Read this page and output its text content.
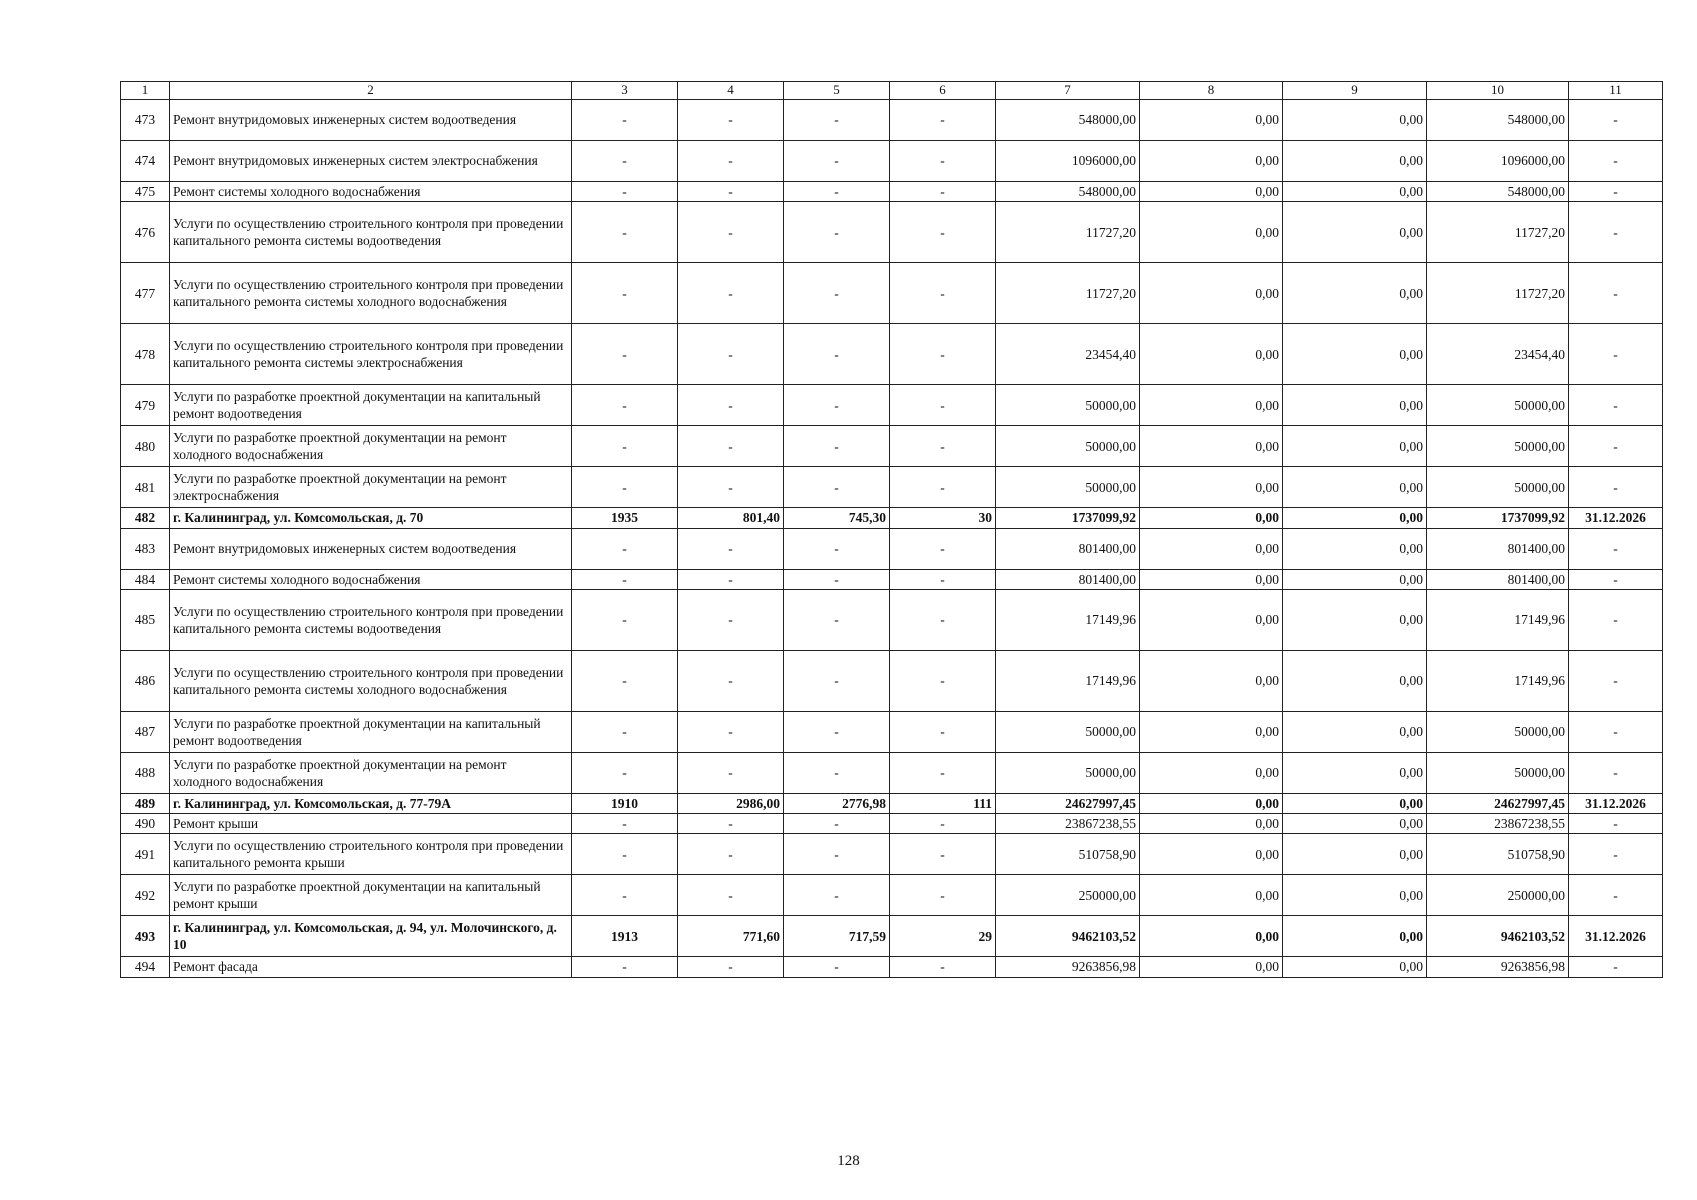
1	2	3	4	5	6	7	8	9	10	11
473	Ремонт внутридомовых инженерных систем водоотведения	-	-	-	-	548000,00	0,00	0,00	548000,00	-
474	Ремонт внутридомовых инженерных систем электроснабжения	-	-	-	-	1096000,00	0,00	0,00	1096000,00	-
475	Ремонт системы холодного водоснабжения	-	-	-	-	548000,00	0,00	0,00	548000,00	-
476	Услуги по осуществлению строительного контроля при проведении капитального ремонта системы водоотведения	-	-	-	-	11727,20	0,00	0,00	11727,20	-
477	Услуги по осуществлению строительного контроля при проведении капитального ремонта системы холодного водоснабжения	-	-	-	-	11727,20	0,00	0,00	11727,20	-
478	Услуги по осуществлению строительного контроля при проведении капитального ремонта системы электроснабжения	-	-	-	-	23454,40	0,00	0,00	23454,40	-
479	Услуги по разработке проектной документации на капитальный ремонт водоотведения	-	-	-	-	50000,00	0,00	0,00	50000,00	-
480	Услуги по разработке проектной документации на ремонт холодного водоснабжения	-	-	-	-	50000,00	0,00	0,00	50000,00	-
481	Услуги по разработке проектной документации на ремонт электроснабжения	-	-	-	-	50000,00	0,00	0,00	50000,00	-
482	г. Калининград, ул. Комсомольская, д. 70	1935	801,40	745,30	30	1737099,92	0,00	0,00	1737099,92	31.12.2026
483	Ремонт внутридомовых инженерных систем водоотведения	-	-	-	-	801400,00	0,00	0,00	801400,00	-
484	Ремонт системы холодного водоснабжения	-	-	-	-	801400,00	0,00	0,00	801400,00	-
485	Услуги по осуществлению строительного контроля при проведении капитального ремонта системы водоотведения	-	-	-	-	17149,96	0,00	0,00	17149,96	-
486	Услуги по осуществлению строительного контроля при проведении капитального ремонта системы холодного водоснабжения	-	-	-	-	17149,96	0,00	0,00	17149,96	-
487	Услуги по разработке проектной документации на капитальный ремонт водоотведения	-	-	-	-	50000,00	0,00	0,00	50000,00	-
488	Услуги по разработке проектной документации на ремонт холодного водоснабжения	-	-	-	-	50000,00	0,00	0,00	50000,00	-
489	г. Калининград, ул. Комсомольская, д. 77-79А	1910	2986,00	2776,98	111	24627997,45	0,00	0,00	24627997,45	31.12.2026
490	Ремонт крыши	-	-	-	-	23867238,55	0,00	0,00	23867238,55	-
491	Услуги по осуществлению строительного контроля при проведении капитального ремонта крыши	-	-	-	-	510758,90	0,00	0,00	510758,90	-
492	Услуги по разработке проектной документации на капитальный ремонт крыши	-	-	-	-	250000,00	0,00	0,00	250000,00	-
493	г. Калининград, ул. Комсомольская, д. 94, ул. Молочинского, д. 10	1913	771,60	717,59	29	9462103,52	0,00	0,00	9462103,52	31.12.2026
494	Ремонт фасада	-	-	-	-	9263856,98	0,00	0,00	9263856,98	-
128
